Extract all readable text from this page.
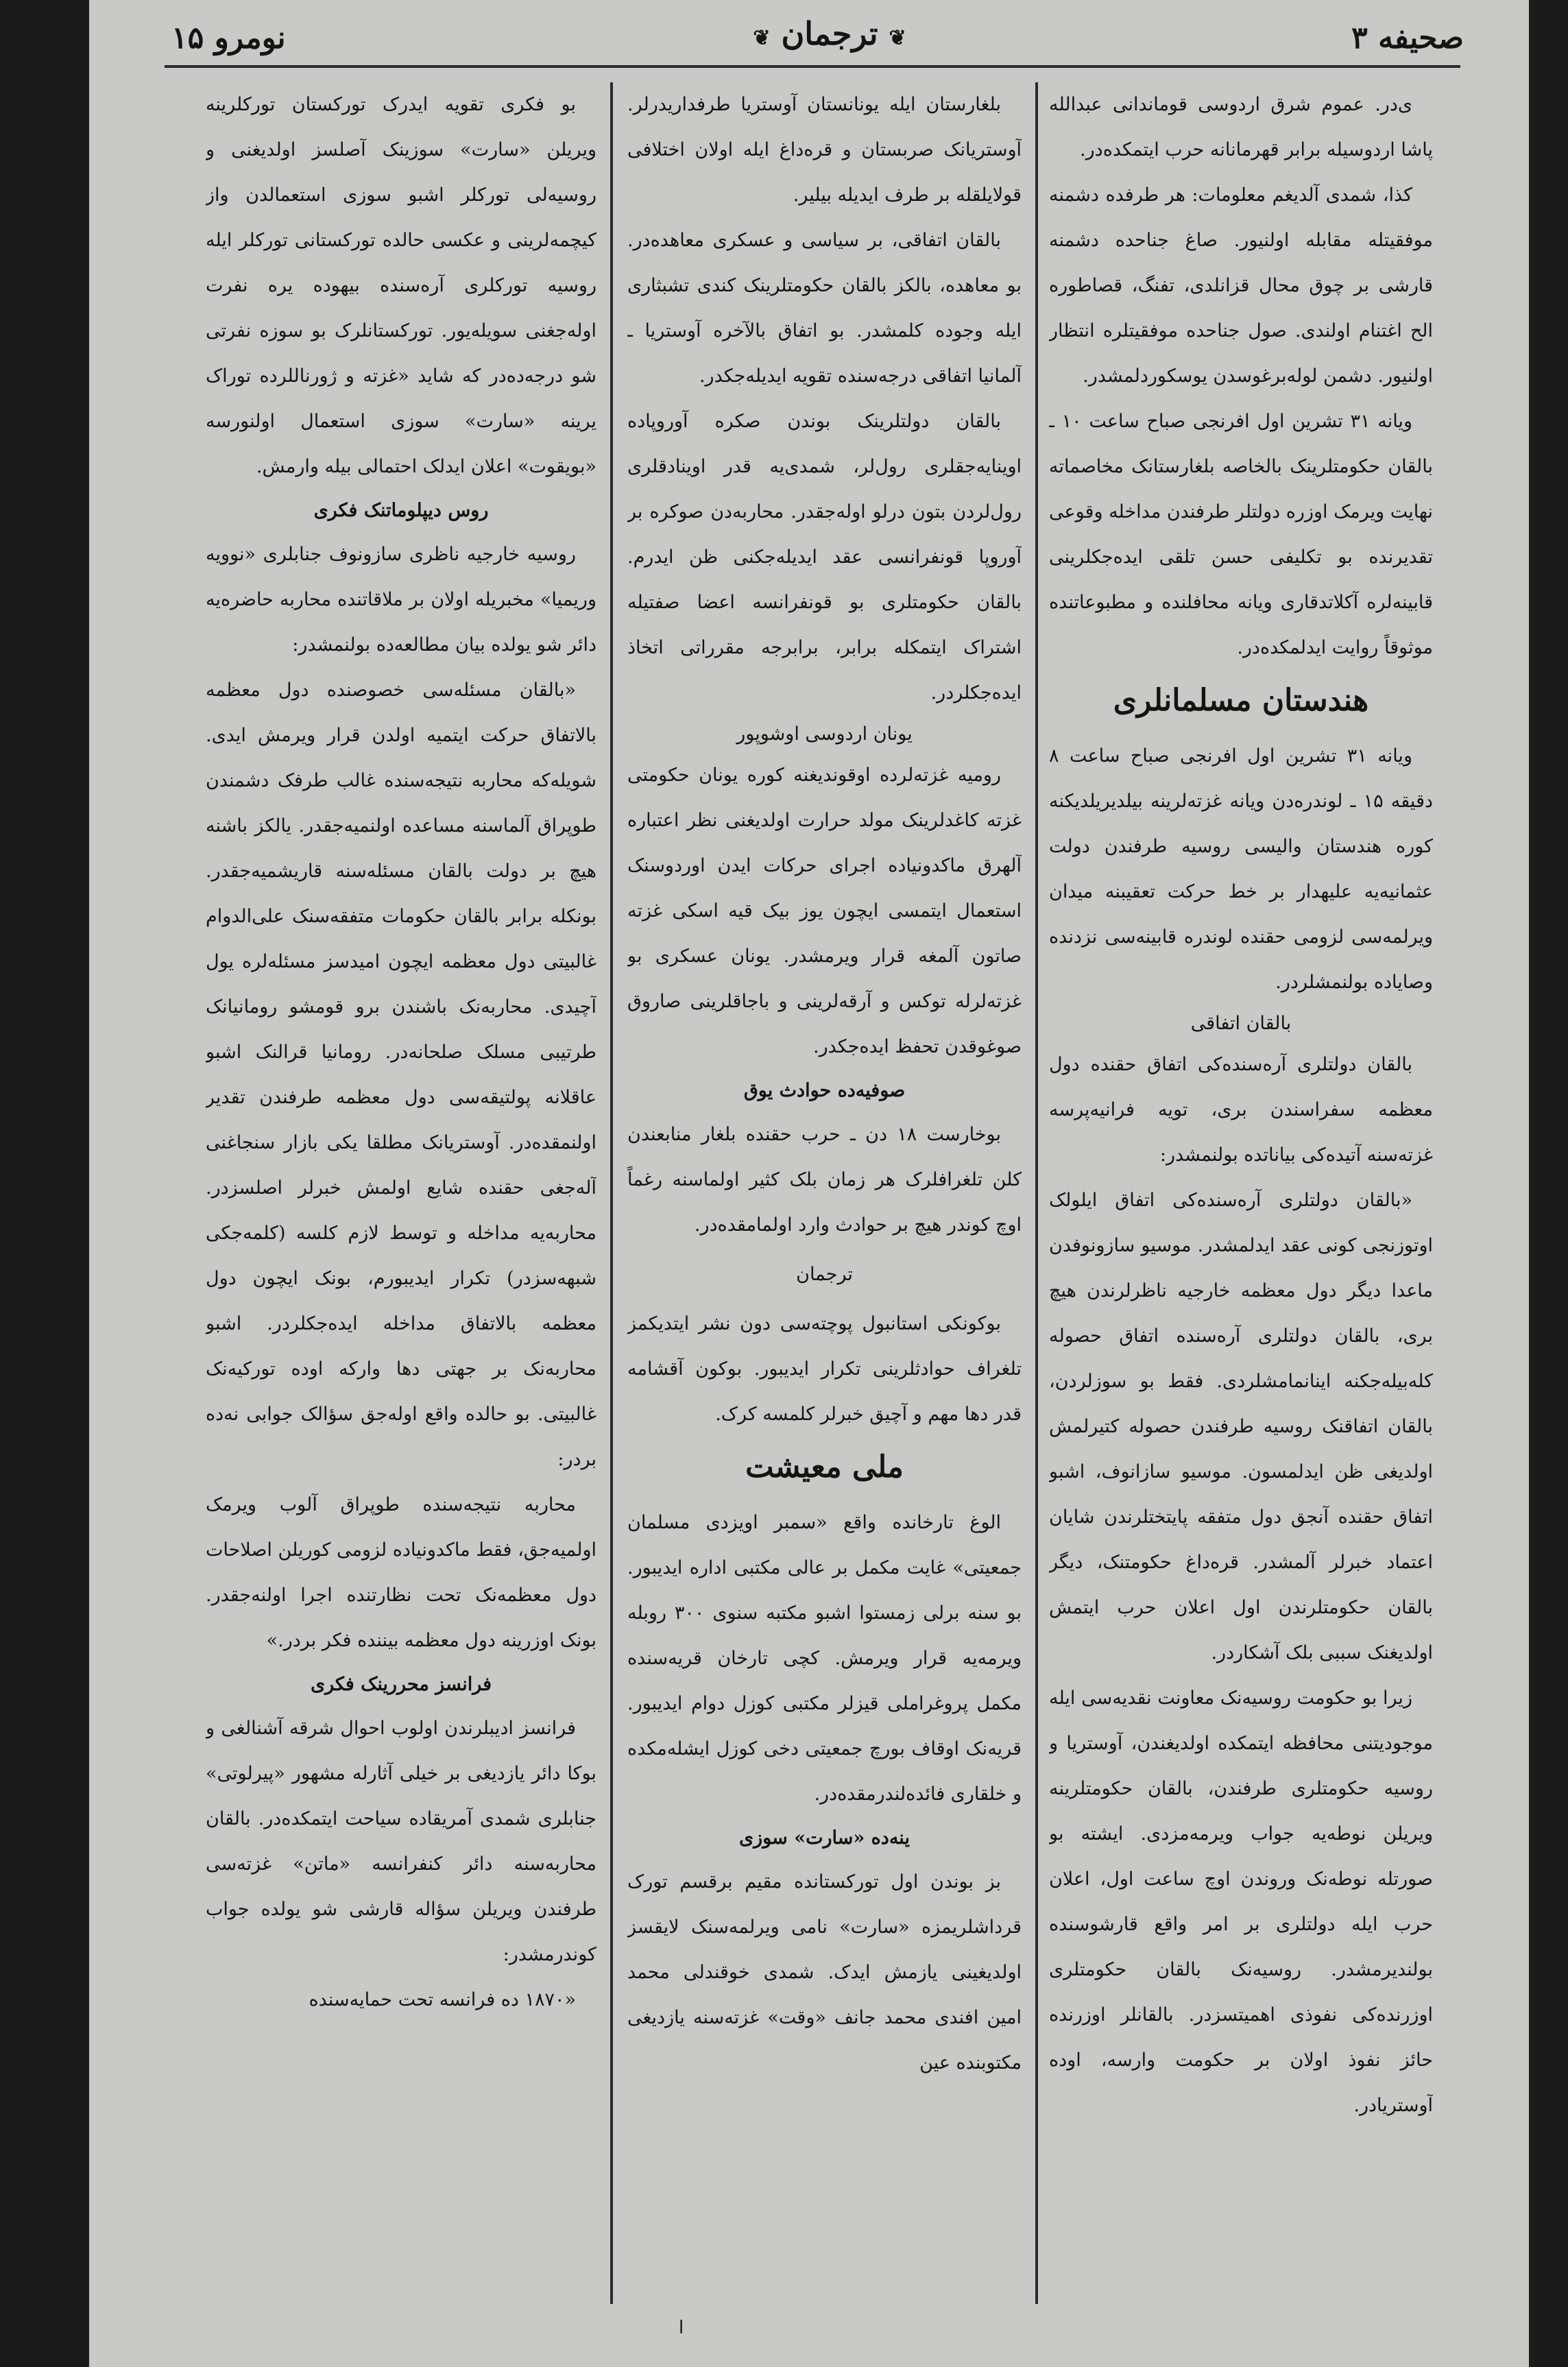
نومرو ۱۵	❦ ترجمان ❦	صحیفه ۳

ی‌در. عموم شرق اردوسی قوماندانی عبدالله پاشا اردوسیله برابر قهرمانانه حرب ایتمکده‌در.

کذا، شمدی آلدیغم معلومات: هر طرفده دشمنه موفقیتله مقابله اولنیور. صاغ جناحده دشمنه قارشی بر چوق محال قزانلدی، تفنگ، قصاطوره الح اغتنام اولندی. صول جناحده موفقیتلره انتظار اولنیور. دشمن لوله‌برغوسدن یوسکوردلمشدر.

ویانه ۳۱ تشرین اول افرنجی صباح ساعت ۱۰ ـ بالقان حکومتلرینک بالخاصه بلغارستانک مخاصماته نهایت ویرمک اوزره دولتلر طرفندن مداخله وقوعی تقدیرنده بو تکلیفی حسن تلقی ایده‌جکلرینی قابینه‌لره آکلاتدقاری ویانه محافلنده و مطبوعاتنده موثوقاً روایت ایدلمکده‌در.

هندستان مسلمانلری

ویانه ۳۱ تشرین اول افرنجی صباح ساعت ۸ دقیقه ۱۵ ـ لوندره‌دن ویانه غزته‌لرینه بیلدیریلدیکنه کوره هندستان والیسی روسیه طرفندن دولت عثمانیه‌یه علیهدار بر خط حرکت تعقیبنه میدان ویرلمه‌سی لزومی حقنده لوندره قابینه‌سی نزدنده وصایاده بولنمشلردر.

بالقان اتفاقی

بالقان دولتلری آره‌سنده‌کی اتفاق حقنده دول معظمه سفراسندن بری، تویه فرانیه‌پرسه غزته‌سنه آتیده‌کی بیاناتده بولنمشدر:

«بالقان دولتلری آره‌سنده‌کی اتفاق ایلولک اوتوزنجی کونی عقد ایدلمشدر. موسیو سازونوفدن ماعدا دیگر دول معظمه خارجیه ناظرلرندن هیچ بری، بالقان دولتلری آره‌سنده اتفاق حصوله کله‌بیله‌جکنه اینانمامشلردی. فقط بو سوزلردن، بالقان اتفاقنک روسیه طرفندن حصوله کتیرلمش اولدیغی ظن ایدلمسون. موسیو سازانوف، اشبو اتفاق حقنده آنجق دول متفقه پایتختلرندن شایان اعتماد خبرلر آلمشدر. قره‌داغ حکومتنک، دیگر بالقان حکومتلرندن اول اعلان حرب ایتمش اولدیغنک سببی بلک آشکاردر.

زیرا بو حکومت روسیه‌نک معاونت نقدیه‌سی ایله موجودیتنی محافظه ایتمکده اولدیغندن، آوستریا و روسیه حکومتلری طرفندن، بالقان حکومتلرینه ویریلن نوطه‌یه جواب ویرمه‌مزدی. ایشته بو صورتله نوطه‌نک وروندن اوچ ساعت اول، اعلان حرب ایله دولتلری بر امر واقع قارشوسنده بولندیرمشدر. روسیه‌نک بالقان حکومتلری اوزرنده‌کی نفوذی اهمیتسزدر. بالقانلر اوزرنده حائز نفوذ اولان بر حکومت وارسه، اوده آوستریادر.

بلغارستان ایله یونانستان آوستریا طرفداریدرلر. آوستریانک صربستان و قره‌داغ ایله اولان اختلافی قولایلقله بر طرف ایدیله بیلیر.

بالقان اتفاقی، بر سیاسی و عسکری معاهده‌در. بو معاهده، بالکز بالقان حکومتلرینک کندی تشبثاری ایله وجوده کلمشدر. بو اتفاق بالآخره آوستریا ـ آلمانیا اتفاقی درجه‌سنده تقویه ایدیله‌جکدر.

بالقان دولتلرینک بوندن صکره آوروپاده اوینایه‌جقلری رول‌لر، شمدی‌یه قدر اوینادقلری رول‌لردن بتون درلو اوله‌جقدر. محاربه‌دن صوکره بر آوروپا قونفرانسی عقد ایدیله‌جکنی ظن ایدرم. بالقان حکومتلری بو قونفرانسه اعضا صفتیله اشتراک ایتمکله برابر، برابرجه مقرراتی اتخاذ ایده‌جکلردر.

یونان اردوسی اوشوپور

رومیه غزته‌لرده اوقوندیغنه کوره یونان حکومتی غزته کاغدلرینک مولد حرارت اولدیغنی نظر اعتباره آلهرق ماکدونیاده اجرای حرکات ایدن اوردوسنک استعمال ایتمسی ایچون یوز بیک قیه اسکی غزته صاتون آلمغه قرار ویرمشدر. یونان عسکری بو غزته‌لرله توکس و آرقه‌لرینی و باجاقلرینی صاروق صوغوقدن تحفظ ایده‌جکدر.

صوفیه‌ده حوادث یوق

بوخارست ۱۸ دن ـ حرب حقنده بلغار منابعندن کلن تلغرافلرک هر زمان بلک کثیر اولماسنه رغماً اوچ کوندر هیچ بر حوادث وارد اولمامقده‌در.

ترجمان

بوکونکی استانبول پوچته‌سی دون نشر ایتدیکمز تلغراف حوادثلرینی تکرار ایدیبور. بوکون آقشامه قدر دها مهم و آچیق خبرلر کلمسه کرک.

ملی معیشت

الوغ تارخانده واقع «سمبر اویزدی مسلمان جمعیتی» غایت مکمل بر عالی مکتبی اداره ایدیبور. بو سنه برلی زمستوا اشبو مکتبه سنوی ۳۰۰ روبله ویرمه‌یه قرار ویرمش. کچی تارخان قریه‌سنده مکمل پروغراملی قیزلر مکتبی کوزل دوام ایدیبور. قریه‌نک اوقاف بورچ جمعیتی دخی کوزل ایشله‌مکده و خلقاری فائده‌لندرمقده‌در.

ینه‌ده «سارت» سوزی

بز بوندن اول توركستانده مقیم برقسم تورک قرداشلریمزه «سارت» نامی ویرلمه‌سنک لایقسز اولدیغینی یازمش ایدک. شمدی خوقندلی محمد امین افندی محمد جانف «وقت» غزته‌سنه یازدیغی مکتوبنده عین

بو فکری تقویه ایدرک توركستان توركلرینه ویریلن «سارت» سوزینک آصلسز اولدیغنی و روسیه‌لی توركلر اشبو سوزی استعمالدن واز کیچمه‌لرینی و عکسی حالده توركستانی تورکلر ایله روسیه توركلری آره‌سنده بیهوده یره نفرت اوله‌جغنی سویله‌یور. توركستانلرک بو سوزه نفرتی شو درجه‌ده‌در که شاید «غزته و ژورناللرده توراک یرینه «سارت» سوزی استعمال اولنورسه «بویقوت» اعلان ایدلک احتمالی بیله وارمش.

روس دیپلوماتنک فکری

روسیه خارجیه ناظری سازونوف جنابلری «نوویه وریمیا» مخبریله اولان بر ملاقاتنده محاربه حاضره‌یه دائر شو یولده بیان مطالعه‌ده بولنمشدر:

«بالقان مسئله‌سی خصوصنده دول معظمه بالاتفاق حرکت ایتمیه اولدن قرار ویرمش ایدی. شویله‌که محاربه نتیجه‌سنده غالب طرفک دشمندن طوپراق آلماسنه مساعده اولنمیه‌جقدر. یالکز باشنه هیچ بر دولت بالقان مسئله‌سنه قاریشمیه‌جقدر. بونکله برابر بالقان حکومات متفقه‌سنک علی‌الدوام غالبیتی دول معظمه ایچون امیدسز مسئله‌لره یول آچیدی. محاربه‌نک باشندن برو قومشو رومانیانک طرتیبی مسلک صلحانه‌در. رومانیا قرالنک اشبو عاقلانه پولتیقه‌سی دول معظمه طرفندن تقدیر اولنمقده‌در. آوستریانک مطلقا یکی بازار سنجاغنی آله‌جغی حقنده شایع اولمش خبرلر اصلسزدر. محاربه‌یه مداخله و توسط لازم کلسه (کلمه‌جکی شبهه‌سزدر) تکرار ایدیبورم، بونک ایچون دول معظمه بالاتفاق مداخله ایده‌جکلردر. اشبو محاربه‌نک بر جهتی دها وارکه اوده توركیه‌نک غالبیتی. بو حالده واقع اوله‌جق سؤالک جوابی نه‌ده بردر:

محاربه نتیجه‌سنده طوپراق آلوب ویرمک اولمیه‌جق، فقط ماکدونیاده لزومی کوریلن اصلاحات دول معظمه‌نک تحت نظارتنده اجرا اولنه‌جقدر. بونک اوزرینه دول معظمه بیننده فکر بردر.»

فرانسز محررینک فکری

فرانسز ادیبلرندن اولوب احوال شرقه آشنالغی و بوکا دائر یازدیغی بر خیلی آثارله مشهور «پیرلوتی» جنابلری شمدی آمریقاده سیاحت ایتمکده‌در. بالقان محاربه‌سنه دائر کنفرانسه «ماتن» غزته‌سی طرفندن ویریلن سؤاله قارشی شو یولده جواب کوندرمشدر:

«۱۸۷۰ ده فرانسه تحت حمایه‌سنده

ا
